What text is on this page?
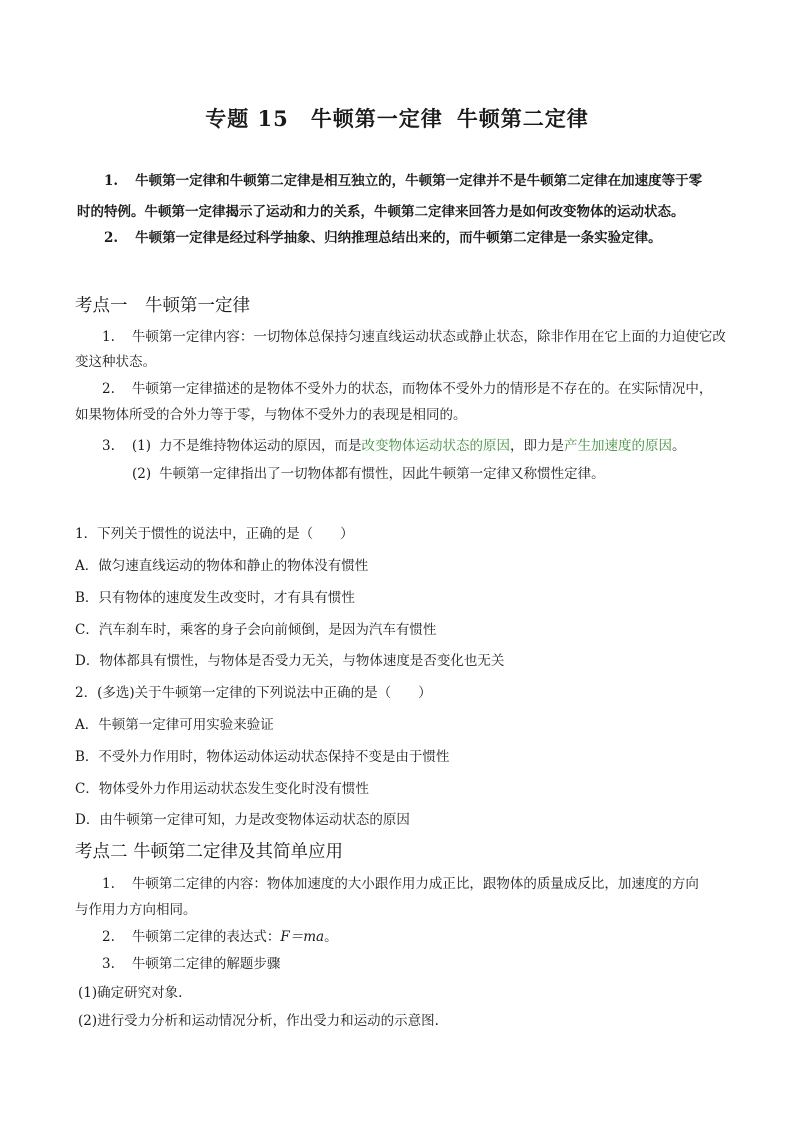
专题 15 牛顿第一定律 牛顿第二定律
1. 牛顿第一定律和牛顿第二定律是相互独立的，牛顿第一定律并不是牛顿第二定律在加速度等于零
时的特例。牛顿第一定律揭示了运动和力的关系，牛顿第二定律来回答力是如何改变物体的运动状态。
2. 牛顿第一定律是经过科学抽象、归纳推理总结出来的，而牛顿第二定律是一条实验定律。
考点一　牛顿第一定律
1. 牛顿第一定律内容：一切物体总保持匀速直线运动状态或静止状态，除非作用在它上面的力迫使它改
变这种状态。
2. 牛顿第一定律描述的是物体不受外力的状态，而物体不受外力的情形是不存在的。在实际情况中，
如果物体所受的合外力等于零，与物体不受外力的表现是相同的。
3. (1) 力不是维持物体运动的原因，而是改变物体运动状态的原因，即力是产生加速度的原因。
(2) 牛顿第一定律指出了一切物体都有惯性，因此牛顿第一定律又称惯性定律。
1．下列关于惯性的说法中，正确的是（　　）
A．做匀速直线运动的物体和静止的物体没有惯性
B．只有物体的速度发生改变时，才有具有惯性
C．汽车刹车时，乘客的身子会向前倾倒，是因为汽车有惯性
D．物体都具有惯性，与物体是否受力无关，与物体速度是否变化也无关
2．(多选)关于牛顿第一定律的下列说法中正确的是（　　）
A．牛顿第一定律可用实验来验证
B．不受外力作用时，物体运动体运动状态保持不变是由于惯性
C．物体受外力作用运动状态发生变化时没有惯性
D．由牛顿第一定律可知，力是改变物体运动状态的原因
考点二 牛顿第二定律及其简单应用
1. 牛顿第二定律的内容：物体加速度的大小跟作用力成正比，跟物体的质量成反比，加速度的方向
与作用力方向相同。
2. 牛顿第二定律的表达式：F＝ma。
3. 牛顿第二定律的解题步骤
(1)确定研究对象.
(2)进行受力分析和运动情况分析，作出受力和运动的示意图.
